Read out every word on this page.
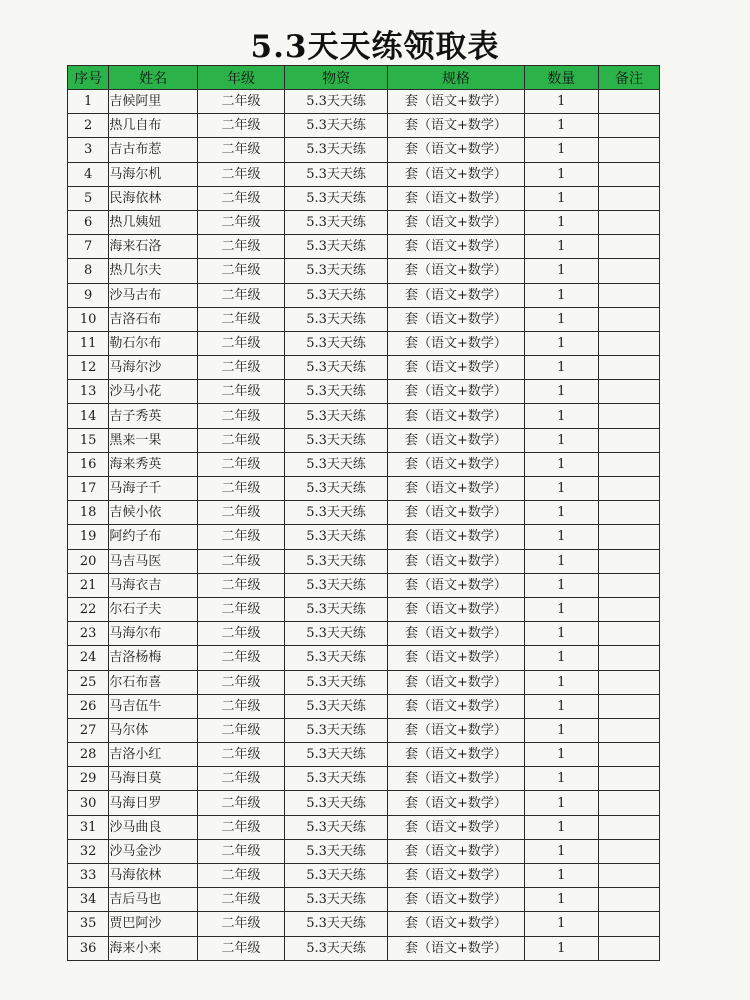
5.3天天练领取表
序号	姓名	年级	物资	规格	数量	备注
1	吉候阿里	二年级	5.3天天练	套（语文+数学）	1	
2	热几自布	二年级	5.3天天练	套（语文+数学）	1	
3	吉古布惹	二年级	5.3天天练	套（语文+数学）	1	
4	马海尔机	二年级	5.3天天练	套（语文+数学）	1	
5	民海依林	二年级	5.3天天练	套（语文+数学）	1	
6	热几姨妞	二年级	5.3天天练	套（语文+数学）	1	
7	海来石洛	二年级	5.3天天练	套（语文+数学）	1	
8	热几尔夫	二年级	5.3天天练	套（语文+数学）	1	
9	沙马古布	二年级	5.3天天练	套（语文+数学）	1	
10	吉洛石布	二年级	5.3天天练	套（语文+数学）	1	
11	勒石尔布	二年级	5.3天天练	套（语文+数学）	1	
12	马海尔沙	二年级	5.3天天练	套（语文+数学）	1	
13	沙马小花	二年级	5.3天天练	套（语文+数学）	1	
14	吉子秀英	二年级	5.3天天练	套（语文+数学）	1	
15	黑来一果	二年级	5.3天天练	套（语文+数学）	1	
16	海来秀英	二年级	5.3天天练	套（语文+数学）	1	
17	马海子千	二年级	5.3天天练	套（语文+数学）	1	
18	吉候小依	二年级	5.3天天练	套（语文+数学）	1	
19	阿约子布	二年级	5.3天天练	套（语文+数学）	1	
20	马吉马医	二年级	5.3天天练	套（语文+数学）	1	
21	马海衣吉	二年级	5.3天天练	套（语文+数学）	1	
22	尔石子夫	二年级	5.3天天练	套（语文+数学）	1	
23	马海尔布	二年级	5.3天天练	套（语文+数学）	1	
24	吉洛杨梅	二年级	5.3天天练	套（语文+数学）	1	
25	尔石布喜	二年级	5.3天天练	套（语文+数学）	1	
26	马吉伍牛	二年级	5.3天天练	套（语文+数学）	1	
27	马尔体	二年级	5.3天天练	套（语文+数学）	1	
28	吉洛小红	二年级	5.3天天练	套（语文+数学）	1	
29	马海日莫	二年级	5.3天天练	套（语文+数学）	1	
30	马海日罗	二年级	5.3天天练	套（语文+数学）	1	
31	沙马曲良	二年级	5.3天天练	套（语文+数学）	1	
32	沙马金沙	二年级	5.3天天练	套（语文+数学）	1	
33	马海依林	二年级	5.3天天练	套（语文+数学）	1	
34	吉后马也	二年级	5.3天天练	套（语文+数学）	1	
35	贾巴阿沙	二年级	5.3天天练	套（语文+数学）	1	
36	海来小来	二年级	5.3天天练	套（语文+数学）	1	
